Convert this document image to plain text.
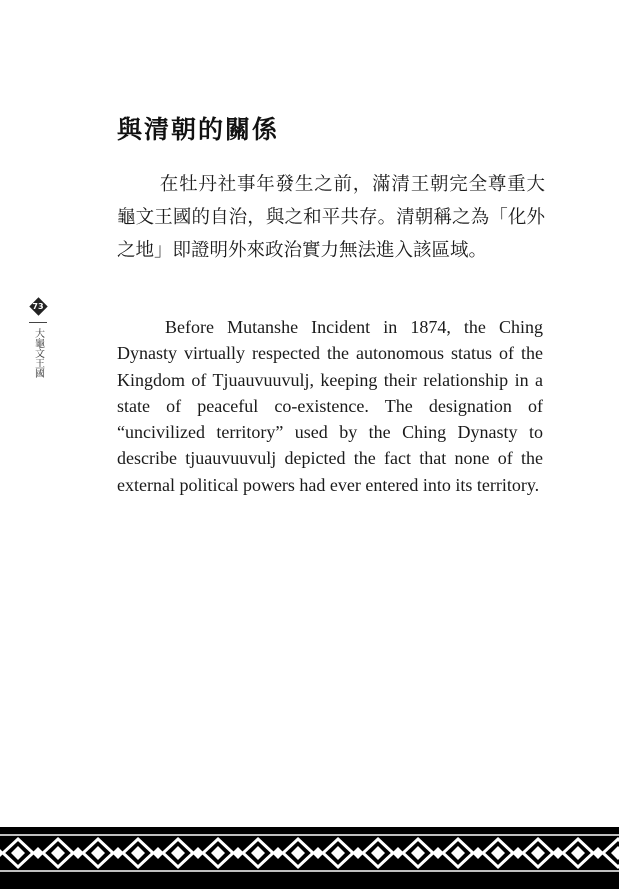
與清朝的關係
在牡丹社事年發生之前，滿清王朝完全尊重大龜文王國的自治，與之和平共存。清朝稱之為「化外之地」即證明外來政治實力無法進入該區域。
Before Mutanshe Incident in 1874, the Ching Dynasty virtually respected the autonomous status of the Kingdom of Tjuauvuuvulj, keeping their relationship in a state of peaceful co-existence. The designation of “uncivilized territory” used by the Ching Dynasty to describe tjuauvuuvulj depicted the fact that none of the external political powers had ever entered into its territory.
73
大龜文王國
